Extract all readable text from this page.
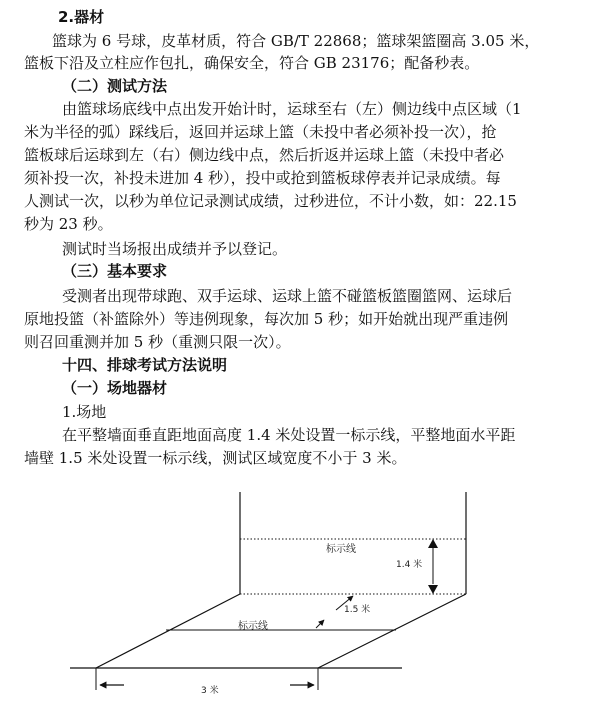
2.器材
篮球为 6 号球，皮革材质，符合 GB/T 22868；篮球架篮圈高 3.05 米，
篮板下沿及立柱应作包扎，确保安全，符合 GB 23176；配备秒表。
（二）测试方法
由篮球场底线中点出发开始计时，运球至右（左）侧边线中点区域（1
米为半径的弧）踩线后，返回并运球上篮（未投中者必须补投一次），抢
篮板球后运球到左（右）侧边线中点，然后折返并运球上篮（未投中者必
须补投一次，补投未进加 4 秒），投中或抢到篮板球停表并记录成绩。每
人测试一次，以秒为单位记录测试成绩，过秒进位，不计小数，如：22.15
秒为 23 秒。
测试时当场报出成绩并予以登记。
（三）基本要求
受测者出现带球跑、双手运球、运球上篮不碰篮板篮圈篮网、运球后
原地投篮（补篮除外）等违例现象，每次加 5 秒；如开始就出现严重违例
则召回重测并加 5 秒（重测只限一次）。
十四、排球考试方法说明
（一）场地器材
1.场地
在平整墙面垂直距地面高度 1.4 米处设置一标示线，平整地面水平距
墙壁 1.5 米处设置一标示线，测试区域宽度不小于 3 米。
标示线
1.4 米
标示线
1.5 米
3 米
